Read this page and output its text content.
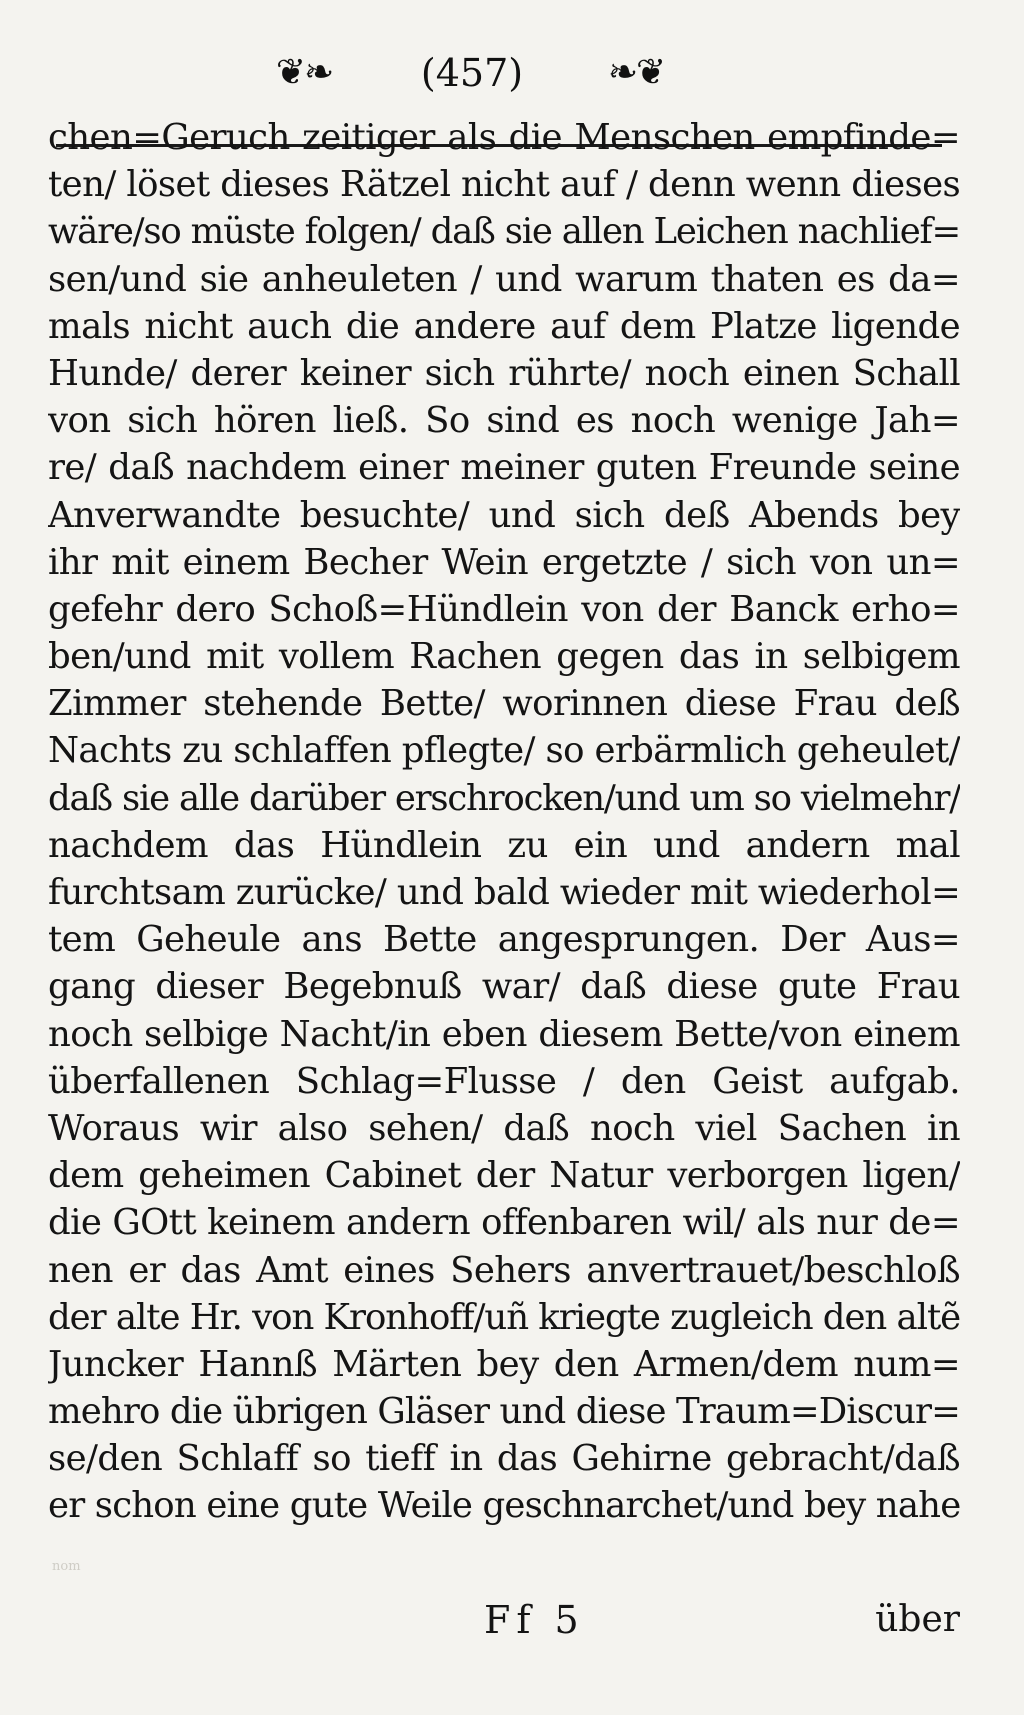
❦❧	(457)	❧❦
chen=Geruch zeitiger als die Menschen empfinde=
ten/ löset dieses Rätzel nicht auf / denn wenn dieses
wäre/so müste folgen/ daß sie allen Leichen nachlief=
sen/und sie anheuleten / und warum thaten es da=
mals nicht auch die andere auf dem Platze ligende
Hunde/ derer keiner sich rührte/ noch einen Schall
von sich hören ließ. So sind es noch wenige Jah=
re/ daß nachdem einer meiner guten Freunde seine
Anverwandte besuchte/ und sich deß Abends bey
ihr mit einem Becher Wein ergetzte / sich von un=
gefehr dero Schoß=Hündlein von der Banck erho=
ben/und mit vollem Rachen gegen das in selbigem
Zimmer stehende Bette/ worinnen diese Frau deß
Nachts zu schlaffen pflegte/ so erbärmlich geheulet/
daß sie alle darüber erschrocken/und um so vielmehr/
nachdem das Hündlein zu ein und andern mal
furchtsam zurücke/ und bald wieder mit wiederhol=
tem Geheule ans Bette angesprungen. Der Aus=
gang dieser Begebnuß war/ daß diese gute Frau
noch selbige Nacht/in eben diesem Bette/von einem
überfallenen Schlag=Flusse / den Geist aufgab.
Woraus wir also sehen/ daß noch viel Sachen in
dem geheimen Cabinet der Natur verborgen ligen/
die GOtt keinem andern offenbaren wil/ als nur de=
nen er das Amt eines Sehers anvertrauet/beschloß
der alte Hr. von Kronhoff/uñ kriegte zugleich den altẽ
Juncker Hannß Märten bey den Armen/dem num=
mehro die übrigen Gläser und diese Traum=Discur=
se/den Schlaff so tieff in das Gehirne gebracht/daß
er schon eine gute Weile geschnarchet/und bey nahe
nom
Ff 5	über
